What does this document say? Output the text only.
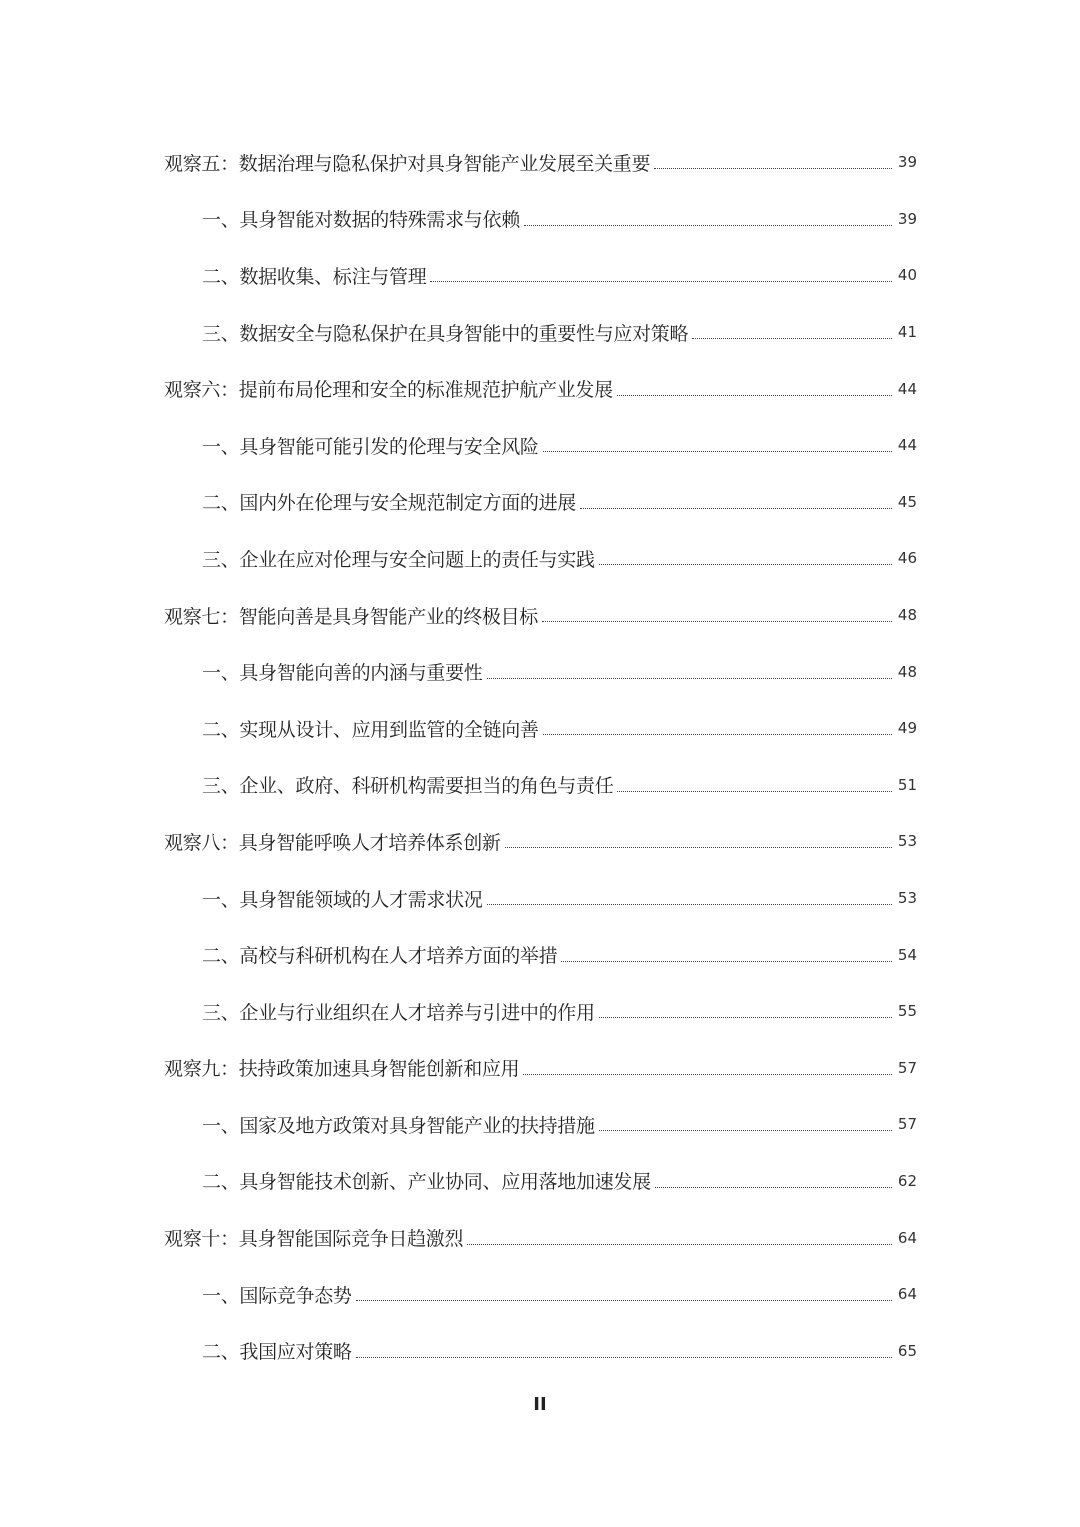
观察五：数据治理与隐私保护对具身智能产业发展至关重要	39
一、具身智能对数据的特殊需求与依赖	39
二、数据收集、标注与管理	40
三、数据安全与隐私保护在具身智能中的重要性与应对策略	41
观察六：提前布局伦理和安全的标准规范护航产业发展	44
一、具身智能可能引发的伦理与安全风险	44
二、国内外在伦理与安全规范制定方面的进展	45
三、企业在应对伦理与安全问题上的责任与实践	46
观察七：智能向善是具身智能产业的终极目标	48
一、具身智能向善的内涵与重要性	48
二、实现从设计、应用到监管的全链向善	49
三、企业、政府、科研机构需要担当的角色与责任	51
观察八：具身智能呼唤人才培养体系创新	53
一、具身智能领域的人才需求状况	53
二、高校与科研机构在人才培养方面的举措	54
三、企业与行业组织在人才培养与引进中的作用	55
观察九：扶持政策加速具身智能创新和应用	57
一、国家及地方政策对具身智能产业的扶持措施	57
二、具身智能技术创新、产业协同、应用落地加速发展	62
观察十：具身智能国际竞争日趋激烈	64
一、国际竞争态势	64
二、我国应对策略	65
II
